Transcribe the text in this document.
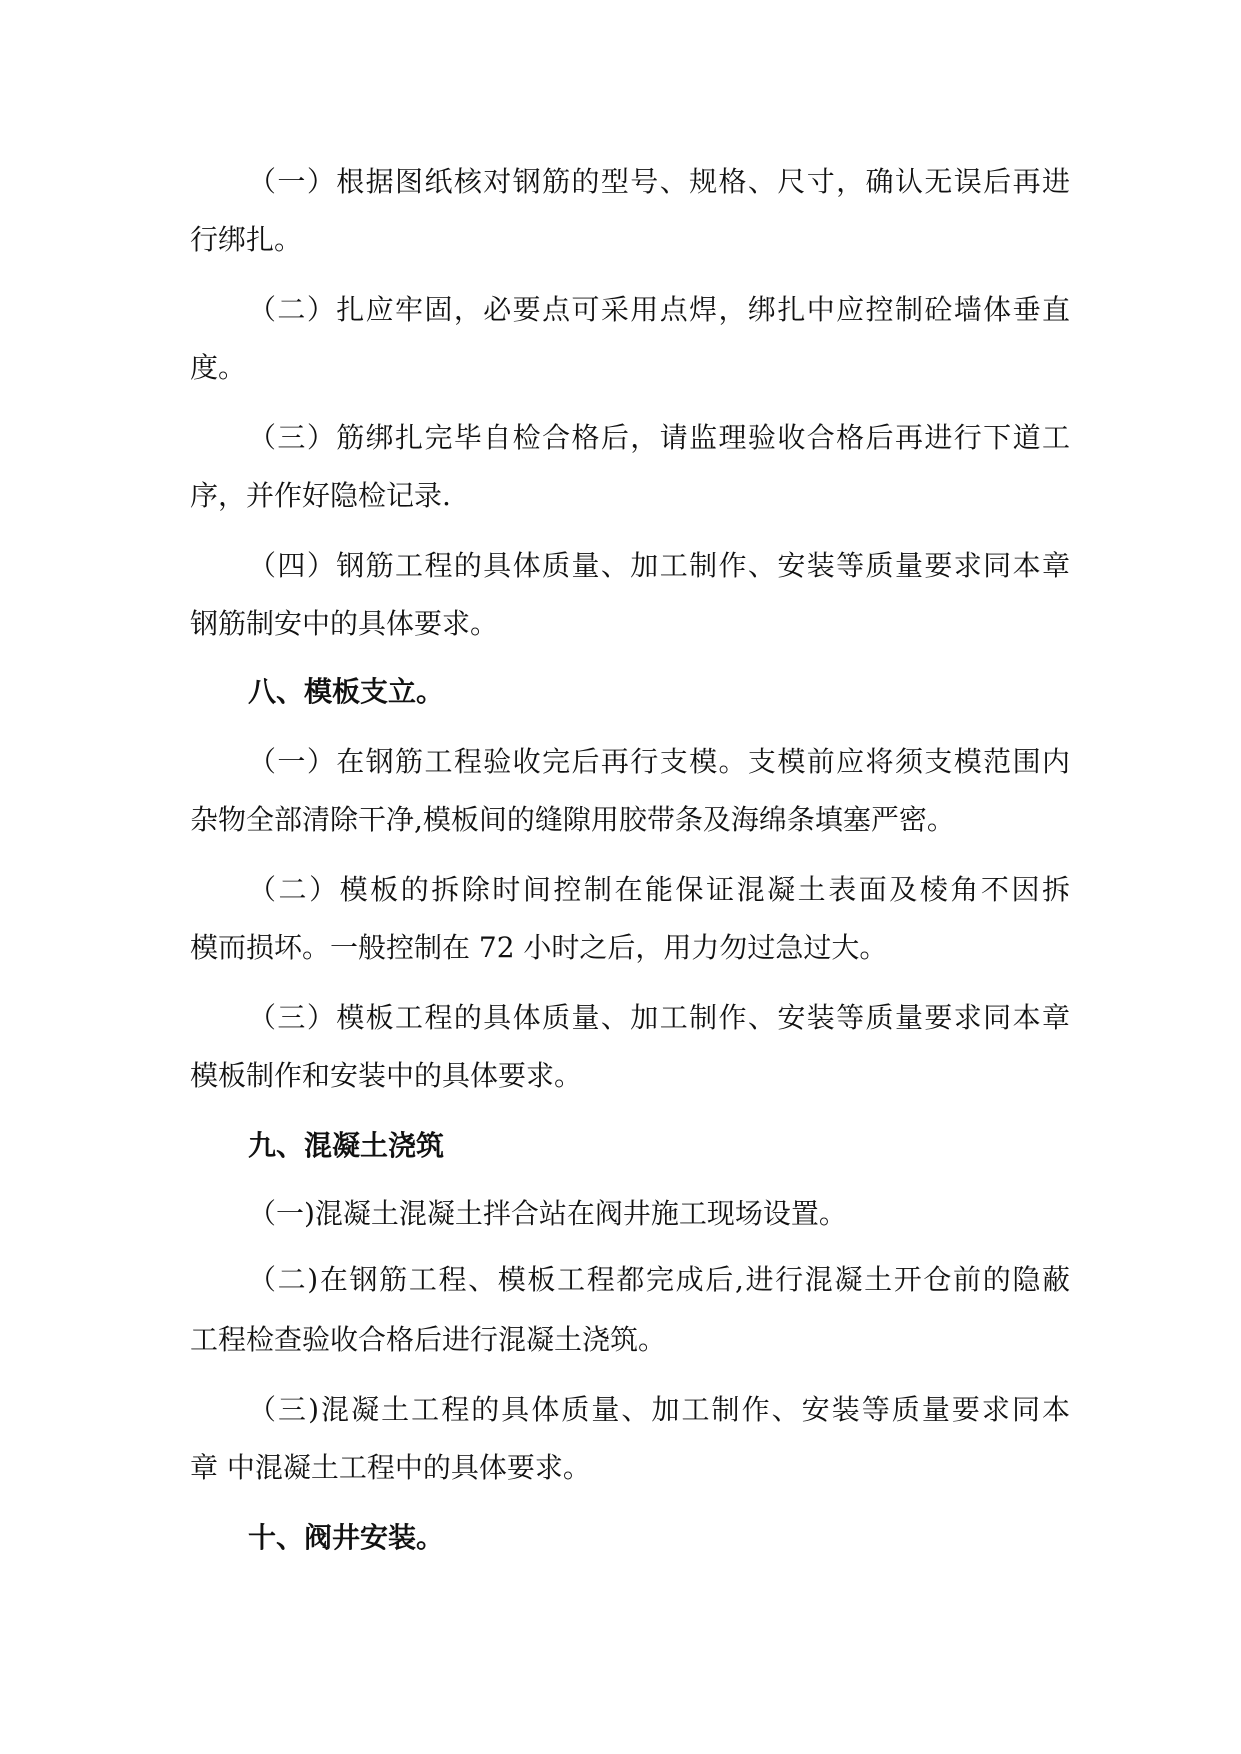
（一）根据图纸核对钢筋的型号、规格、尺寸，确认无误后再进
行绑扎。
（二）扎应牢固，必要点可采用点焊，绑扎中应控制砼墙体垂直
度。
（三）筋绑扎完毕自检合格后，请监理验收合格后再进行下道工
序，并作好隐检记录.
（四）钢筋工程的具体质量、加工制作、安装等质量要求同本章
钢筋制安中的具体要求。
八、模板支立。
（一）在钢筋工程验收完后再行支模。支模前应将须支模范围内
杂物全部清除干净,模板间的缝隙用胶带条及海绵条填塞严密。
（二）模板的拆除时间控制在能保证混凝土表面及棱角不因拆
模而损坏。一般控制在 72 小时之后，用力勿过急过大。
（三）模板工程的具体质量、加工制作、安装等质量要求同本章
模板制作和安装中的具体要求。
九、混凝土浇筑
（一)混凝土混凝土拌合站在阀井施工现场设置。
（二)在钢筋工程、模板工程都完成后,进行混凝土开仓前的隐蔽
工程检查验收合格后进行混凝土浇筑。
（三)混凝土工程的具体质量、加工制作、安装等质量要求同本
章 中混凝土工程中的具体要求。
十、阀井安装。
